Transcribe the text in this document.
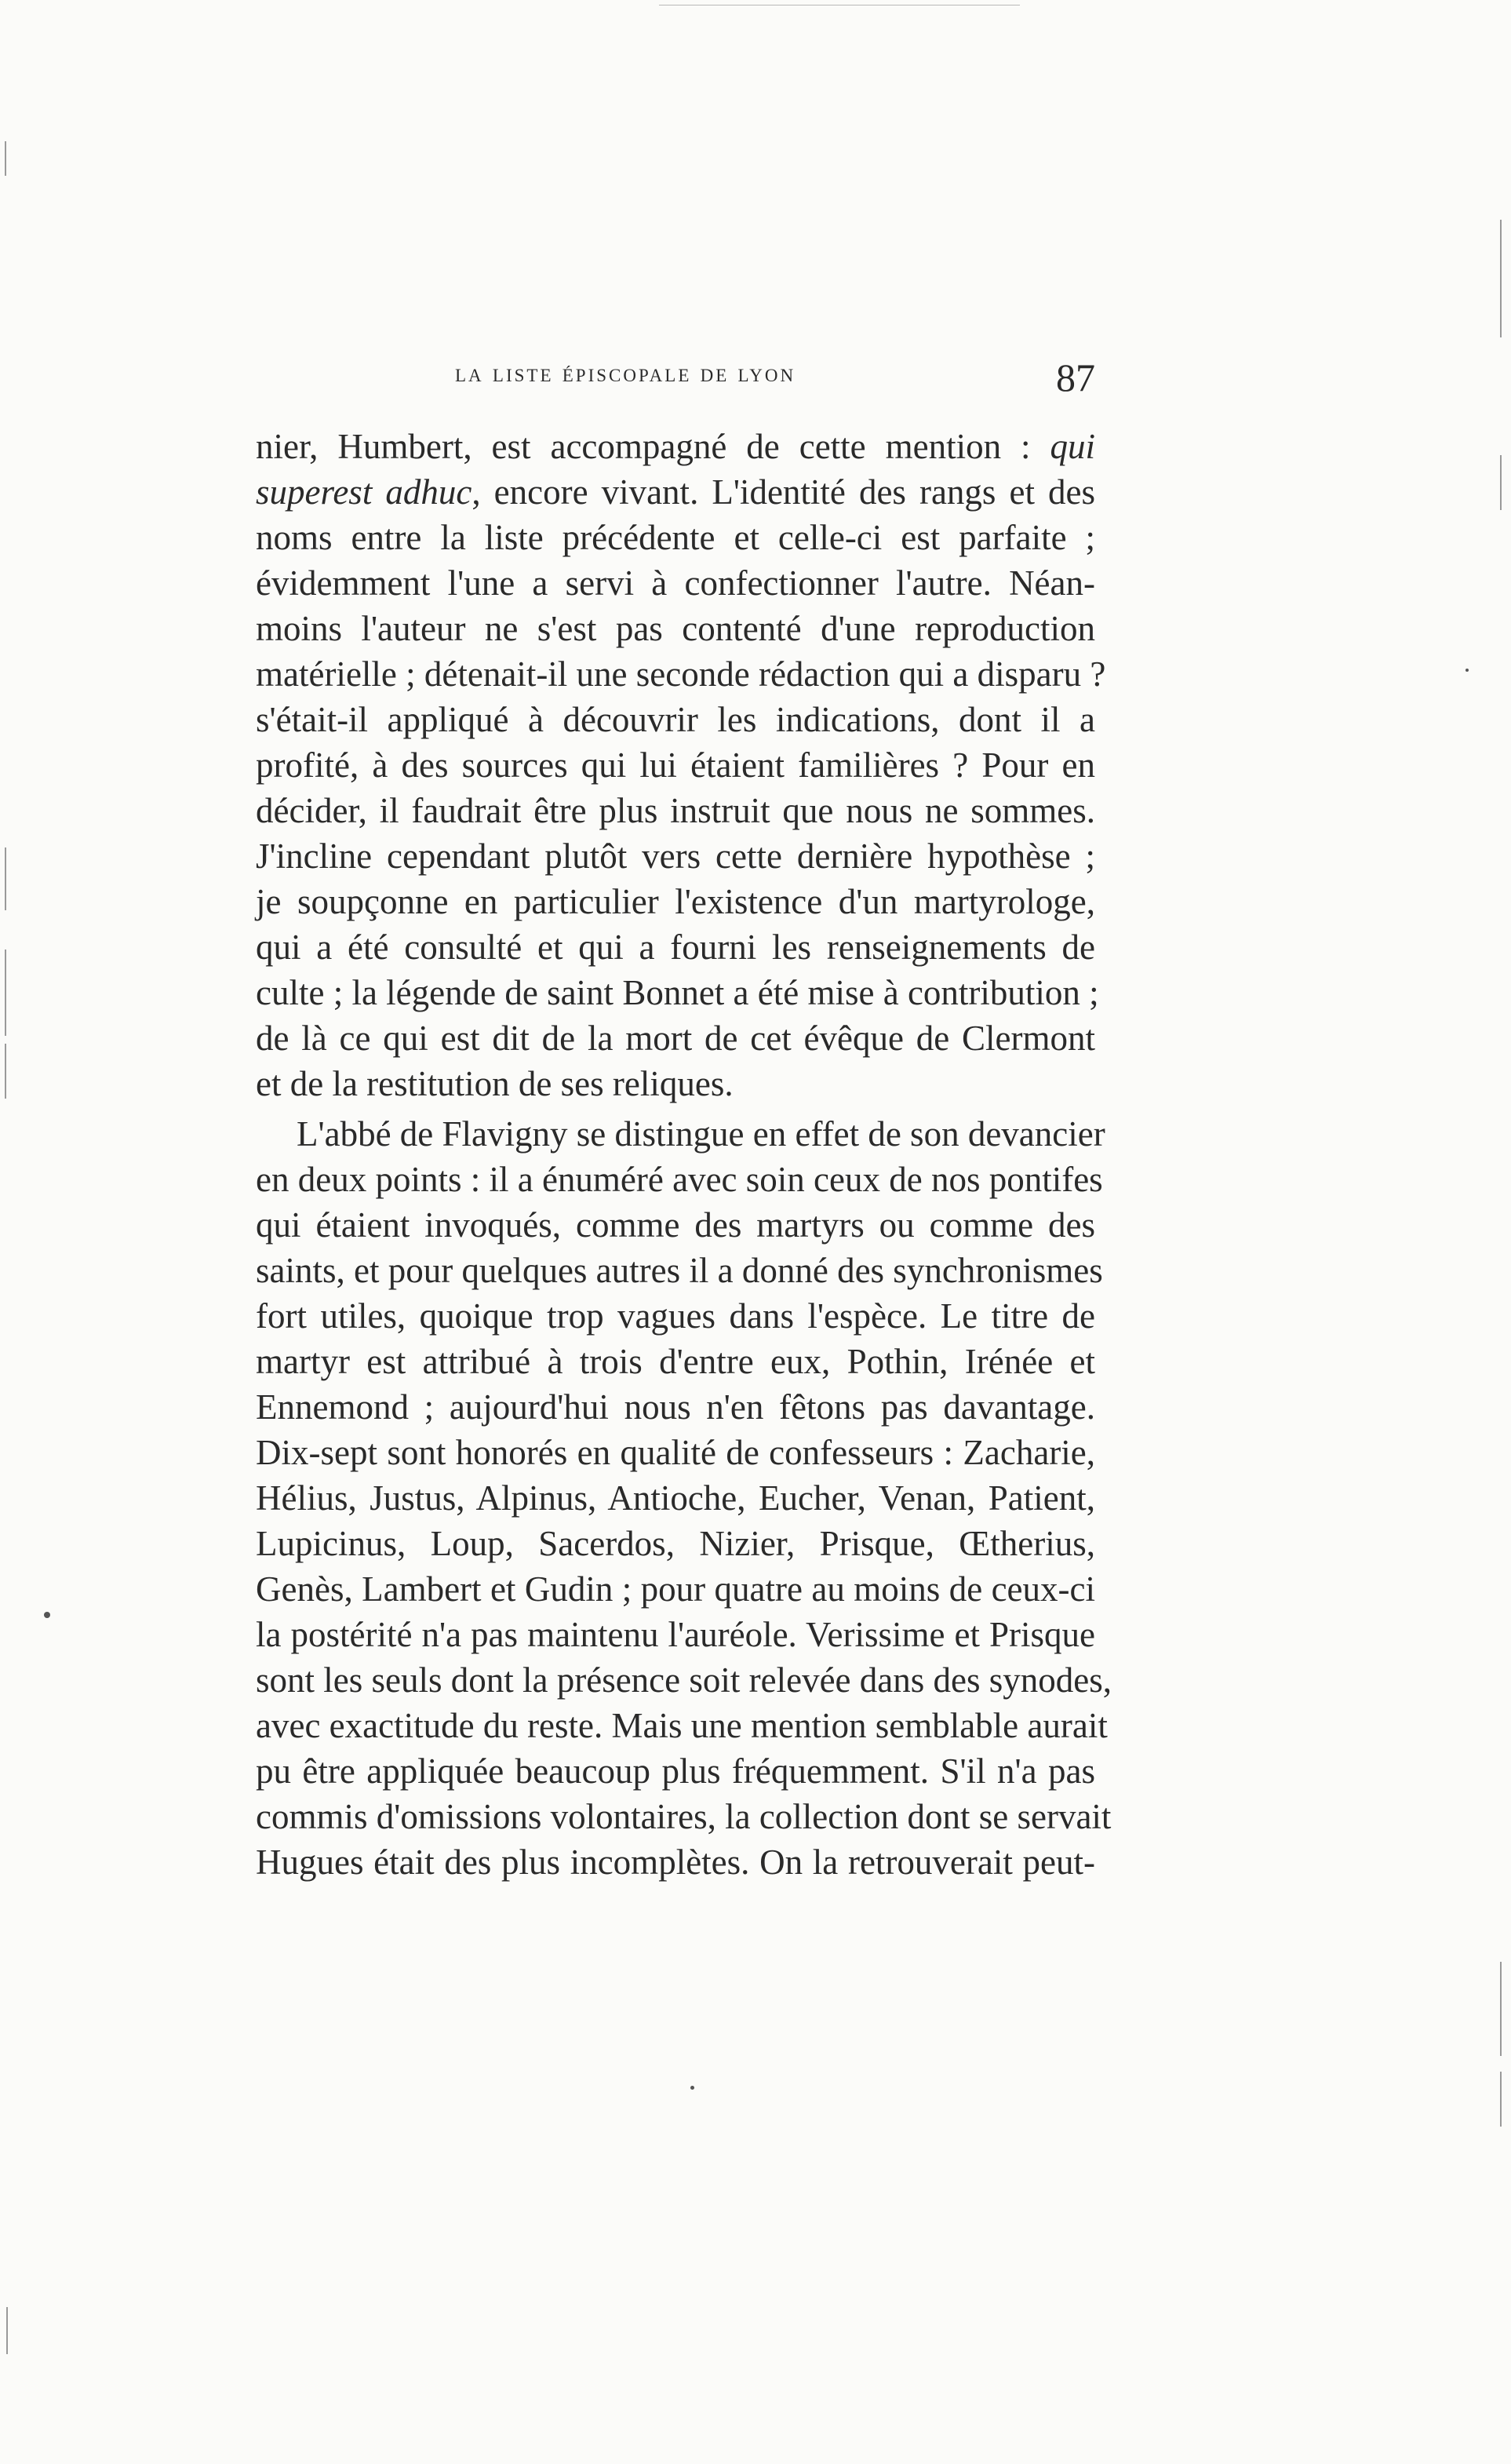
la liste épiscopale de lyon	87
nier, Humbert, est accompagné de cette mention : qui
superest adhuc, encore vivant. L'identité des rangs et des
noms entre la liste précédente et celle-ci est parfaite ;
évidemment l'une a servi à confectionner l'autre. Néan-
moins l'auteur ne s'est pas contenté d'une reproduction
matérielle ; détenait-il une seconde rédaction qui a disparu ?
s'était-il appliqué à découvrir les indications, dont il a
profité, à des sources qui lui étaient familières ? Pour en
décider, il faudrait être plus instruit que nous ne sommes.
J'incline cependant plutôt vers cette dernière hypothèse ;
je soupçonne en particulier l'existence d'un martyrologe,
qui a été consulté et qui a fourni les renseignements de
culte ; la légende de saint Bonnet a été mise à contribution ;
de là ce qui est dit de la mort de cet évêque de Clermont
et de la restitution de ses reliques.
L'abbé de Flavigny se distingue en effet de son devancier
en deux points : il a énuméré avec soin ceux de nos pontifes
qui étaient invoqués, comme des martyrs ou comme des
saints, et pour quelques autres il a donné des synchronismes
fort utiles, quoique trop vagues dans l'espèce. Le titre de
martyr est attribué à trois d'entre eux, Pothin, Irénée et
Ennemond ; aujourd'hui nous n'en fêtons pas davantage.
Dix-sept sont honorés en qualité de confesseurs : Zacharie,
Hélius, Justus, Alpinus, Antioche, Eucher, Venan, Patient,
Lupicinus, Loup, Sacerdos, Nizier, Prisque, Œtherius,
Genès, Lambert et Gudin ; pour quatre au moins de ceux-ci
la postérité n'a pas maintenu l'auréole. Verissime et Prisque
sont les seuls dont la présence soit relevée dans des synodes,
avec exactitude du reste. Mais une mention semblable aurait
pu être appliquée beaucoup plus fréquemment. S'il n'a pas
commis d'omissions volontaires, la collection dont se servait
Hugues était des plus incomplètes. On la retrouverait peut-
